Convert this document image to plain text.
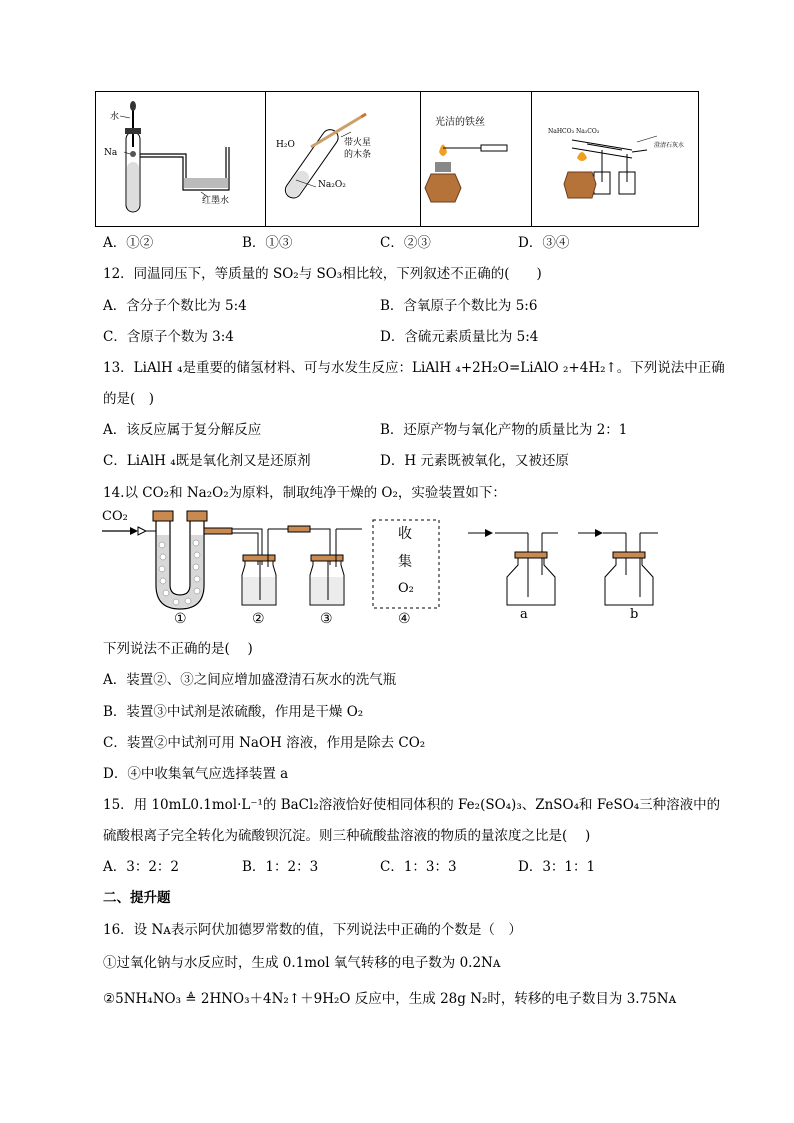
水
Na
红墨水
H₂O	带火星
的木条
Na₂O₂
光洁的铁丝
NaHCO₃ Na₂CO₃
澄清石灰水
A．①②	B．①③	C．②③	D．③④
12．同温同压下，等质量的 SO₂与 SO₃相比较，下列叙述不正确的(　　)
A．含分子个数比为 5:4	B．含氧原子个数比为 5:6
C．含原子个数为 3:4	D．含硫元素质量比为 5:4
13．LiAlH ₄是重要的储氢材料、可与水发生反应：LiAlH ₄+2H₂O=LiAlO ₂+4H₂↑。下列说法中正确
的是(　)
A．该反应属于复分解反应	B．还原产物与氧化产物的质量比为 2：1
C．LiAlH ₄既是氧化剂又是还原剂	D．H 元素既被氧化，又被还原
14.以 CO₂和 Na₂O₂为原料，制取纯净干燥的 O₂，实验装置如下：
CO₂
收
集
O₂
①	②	③	④	a	b
下列说法不正确的是(　 )
A．装置②、③之间应增加盛澄清石灰水的洗气瓶
B．装置③中试剂是浓硫酸，作用是干燥 O₂
C．装置②中试剂可用 NaOH 溶液，作用是除去 CO₂
D．④中收集氧气应选择装置 a
15．用 10mL0.1mol·L⁻¹的 BaCl₂溶液恰好使相同体积的 Fe₂(SO₄)₃、ZnSO₄和 FeSO₄三种溶液中的
硫酸根离子完全转化为硫酸钡沉淀。则三种硫酸盐溶液的物质的量浓度之比是(　 )
A．3：2：2	B．1：2：3	C．1：3：3	D．3：1：1
二、提升题
16．设 Nᴀ表示阿伏加德罗常数的值，下列说法中正确的个数是（　）
①过氧化钠与水反应时，生成 0.1mol 氧气转移的电子数为 0.2Nᴀ
②5NH₄NO₃ ≜ 2HNO₃＋4N₂↑＋9H₂O 反应中，生成 28g N₂时，转移的电子数目为 3.75Nᴀ
